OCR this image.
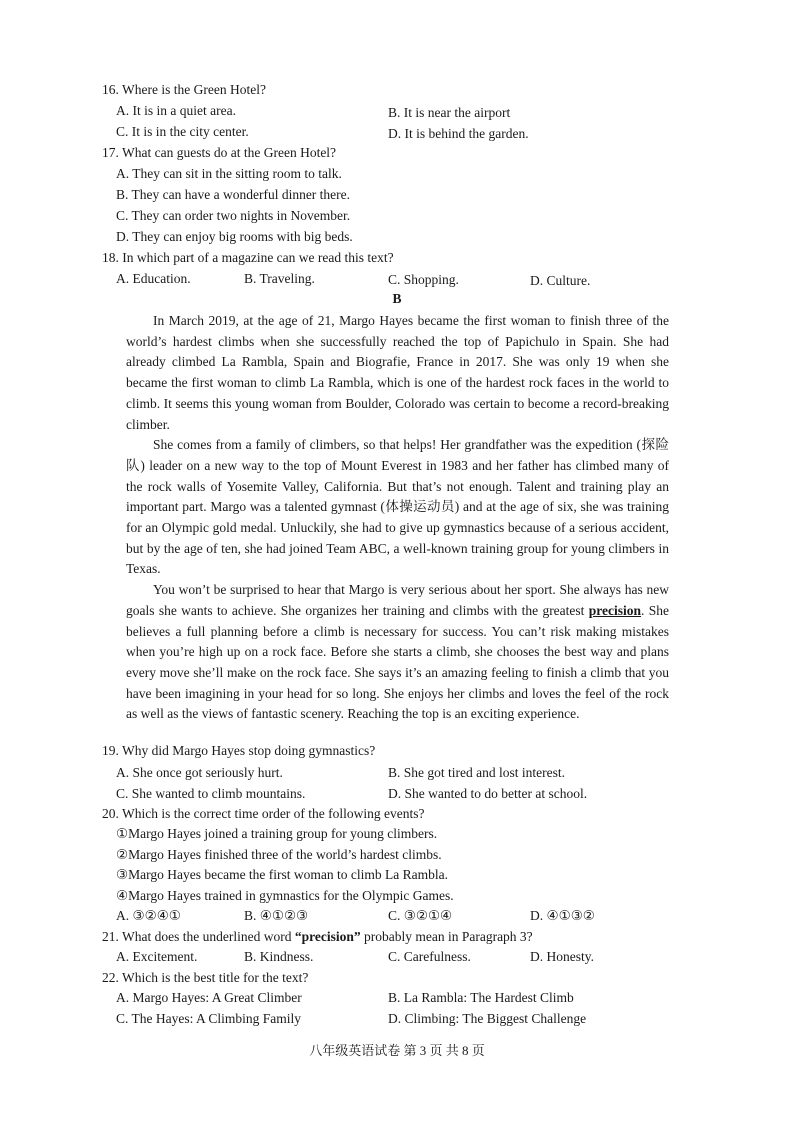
16. Where is the Green Hotel?
A. It is in a quiet area.	B. It is near the airport
C. It is in the city center.	D. It is behind the garden.
17. What can guests do at the Green Hotel?
A. They can sit in the sitting room to talk.
B. They can have a wonderful dinner there.
C. They can order two nights in November.
D. They can enjoy big rooms with big beds.
18. In which part of a magazine can we read this text?
A. Education.	B. Traveling.	C. Shopping.	D. Culture.
B

In March 2019, at the age of 21, Margo Hayes became the first woman to finish three of the world’s hardest climbs when she successfully reached the top of Papichulo in Spain. She had already climbed La Rambla, Spain and Biografie, France in 2017. She was only 19 when she became the first woman to climb La Rambla, which is one of the hardest rock faces in the world to climb. It seems this young woman from Boulder, Colorado was certain to become a record-breaking climber.

She comes from a family of climbers, so that helps! Her grandfather was the expedition (探险队) leader on a new way to the top of Mount Everest in 1983 and her father has climbed many of the rock walls of Yosemite Valley, California. But that’s not enough. Talent and training play an important part. Margo was a talented gymnast (体操运动员) and at the age of six, she was training for an Olympic gold medal. Unluckily, she had to give up gymnastics because of a serious accident, but by the age of ten, she had joined Team ABC, a well-known training group for young climbers in Texas.

You won’t be surprised to hear that Margo is very serious about her sport. She always has new goals she wants to achieve. She organizes her training and climbs with the greatest precision. She believes a full planning before a climb is necessary for success. You can’t risk making mistakes when you’re high up on a rock face. Before she starts a climb, she chooses the best way and plans every move she’ll make on the rock face. She says it’s an amazing feeling to finish a climb that you have been imagining in your head for so long. She enjoys her climbs and loves the feel of the rock as well as the views of fantastic scenery. Reaching the top is an exciting experience.

19. Why did Margo Hayes stop doing gymnastics?
A. She once got seriously hurt.	B. She got tired and lost interest.
C. She wanted to climb mountains.	D. She wanted to do better at school.
20. Which is the correct time order of the following events?
①Margo Hayes joined a training group for young climbers.
②Margo Hayes finished three of the world’s hardest climbs.
③Margo Hayes became the first woman to climb La Rambla.
④Margo Hayes trained in gymnastics for the Olympic Games.
A. ③②④①	B. ④①②③	C. ③②①④	D. ④①③②
21. What does the underlined word “precision” probably mean in Paragraph 3?
A. Excitement.	B. Kindness.	C. Carefulness.	D. Honesty.
22. Which is the best title for the text?
A. Margo Hayes: A Great Climber	B. La Rambla: The Hardest Climb
C. The Hayes: A Climbing Family	D. Climbing: The Biggest Challenge
八年级英语试卷 第 3 页 共 8 页
